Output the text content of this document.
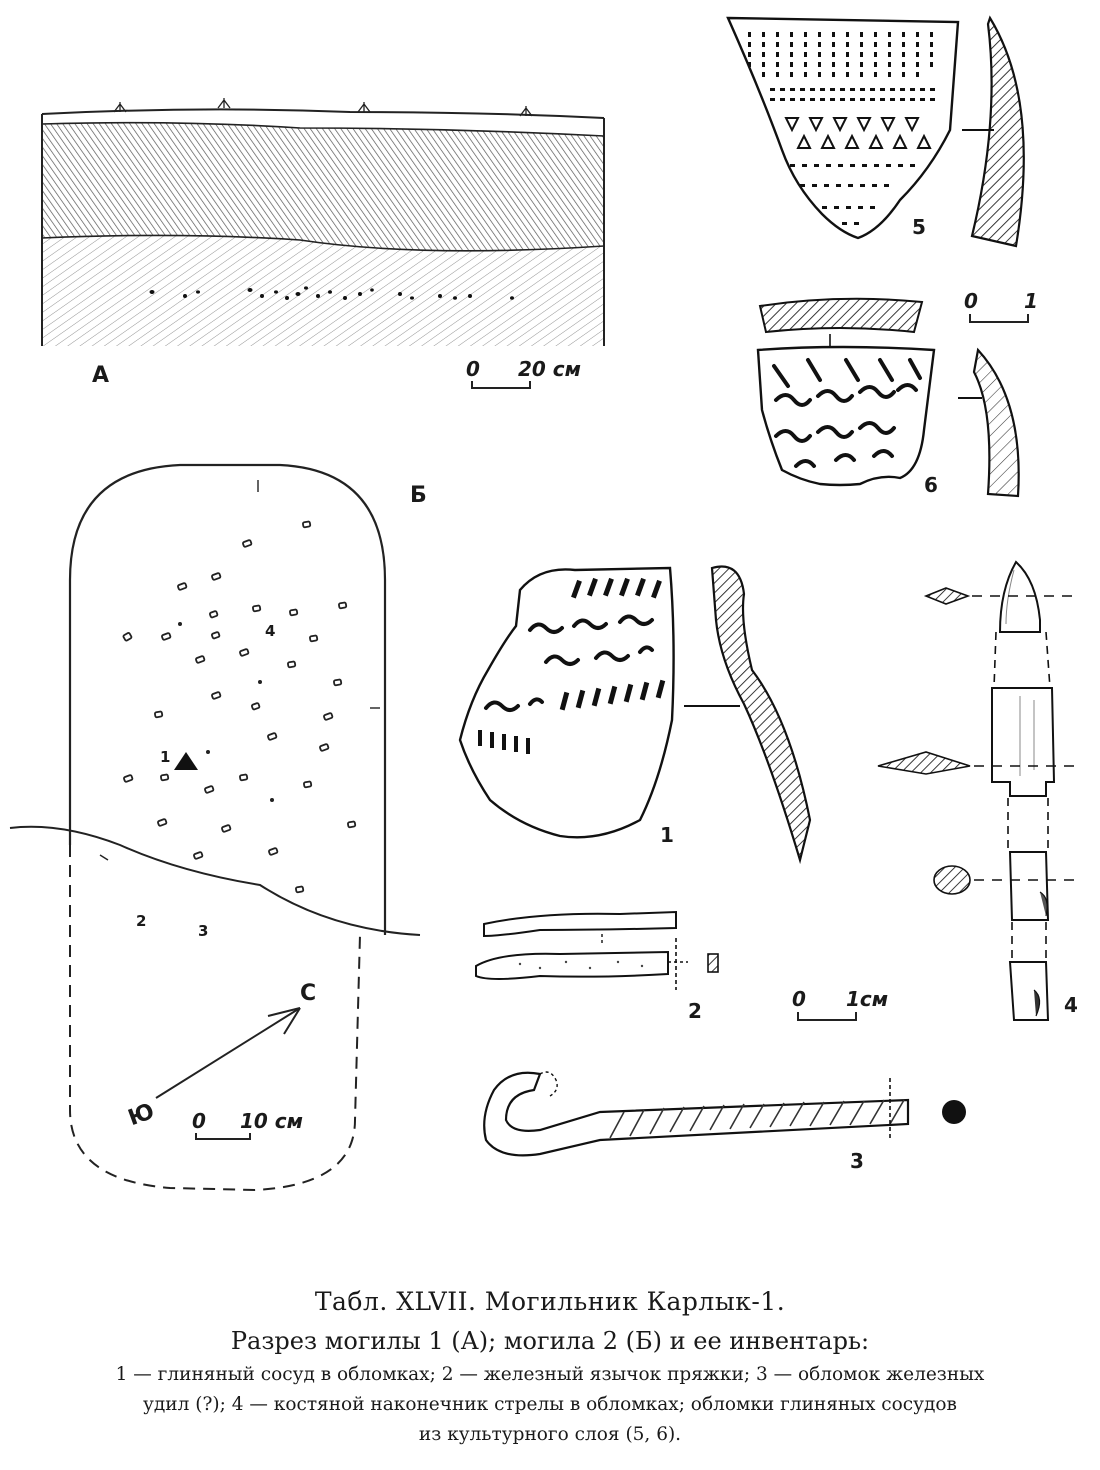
А	0 20 см
1
4
2
3
Б
С
Ю 0 10 см
5
6
0 1
1
2	0 1см
3
4
Табл. XLVII. Могильник Карлык-1.
Разрез могилы 1 (А); могила 2 (Б) и ее инвентарь:
1 — глиняный сосуд в обломках; 2 — железный язычок пряжки; 3 — обломок железных
удил (?); 4 — костяной наконечник стрелы в обломках; обломки глиняных сосудов
из культурного слоя (5, 6).
